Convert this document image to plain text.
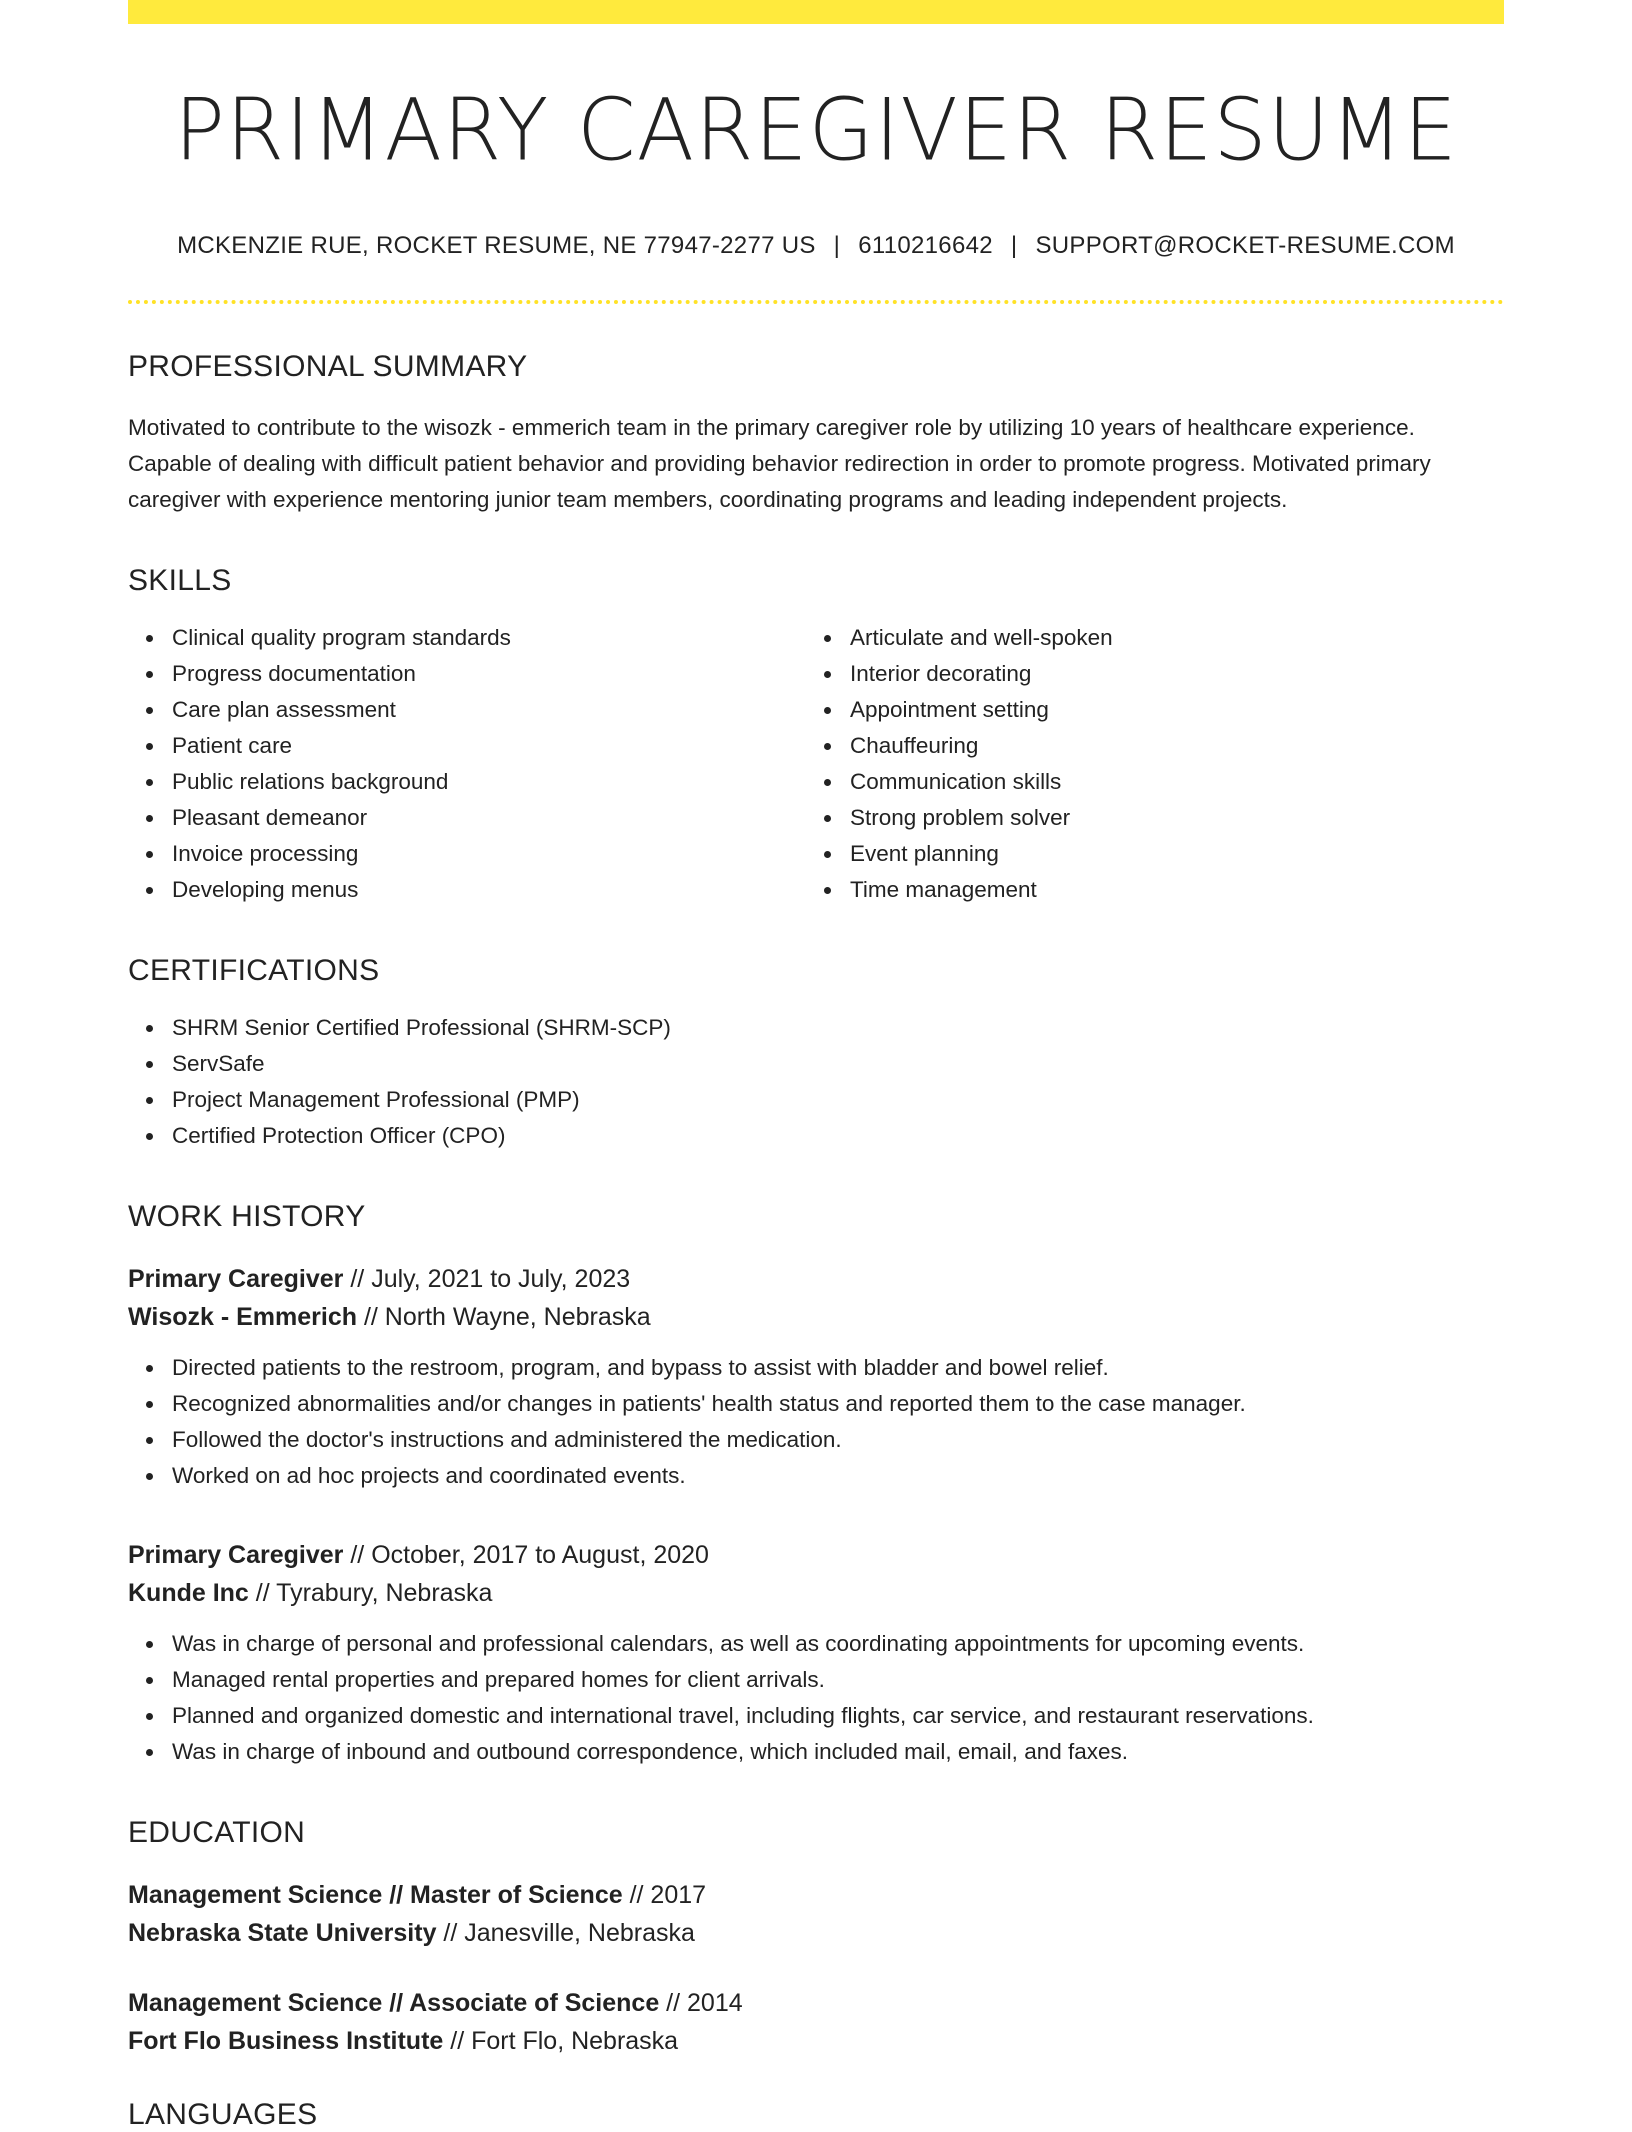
PRIMARY CAREGIVER RESUME
MCKENZIE RUE, ROCKET RESUME, NE 77947-2277 US | 6110216642 | SUPPORT@ROCKET-RESUME.COM
PROFESSIONAL SUMMARY
Motivated to contribute to the wisozk - emmerich team in the primary caregiver role by utilizing 10 years of healthcare experience. Capable of dealing with difficult patient behavior and providing behavior redirection in order to promote progress. Motivated primary caregiver with experience mentoring junior team members, coordinating programs and leading independent projects.
SKILLS
Clinical quality program standards
Progress documentation
Care plan assessment
Patient care
Public relations background
Pleasant demeanor
Invoice processing
Developing menus
Articulate and well-spoken
Interior decorating
Appointment setting
Chauffeuring
Communication skills
Strong problem solver
Event planning
Time management
CERTIFICATIONS
SHRM Senior Certified Professional (SHRM-SCP)
ServSafe
Project Management Professional (PMP)
Certified Protection Officer (CPO)
WORK HISTORY
Primary Caregiver // July, 2021 to July, 2023
Wisozk - Emmerich // North Wayne, Nebraska
Directed patients to the restroom, program, and bypass to assist with bladder and bowel relief.
Recognized abnormalities and/or changes in patients' health status and reported them to the case manager.
Followed the doctor's instructions and administered the medication.
Worked on ad hoc projects and coordinated events.
Primary Caregiver // October, 2017 to August, 2020
Kunde Inc // Tyrabury, Nebraska
Was in charge of personal and professional calendars, as well as coordinating appointments for upcoming events.
Managed rental properties and prepared homes for client arrivals.
Planned and organized domestic and international travel, including flights, car service, and restaurant reservations.
Was in charge of inbound and outbound correspondence, which included mail, email, and faxes.
EDUCATION
Management Science // Master of Science // 2017
Nebraska State University // Janesville, Nebraska
Management Science // Associate of Science // 2014
Fort Flo Business Institute // Fort Flo, Nebraska
LANGUAGES
